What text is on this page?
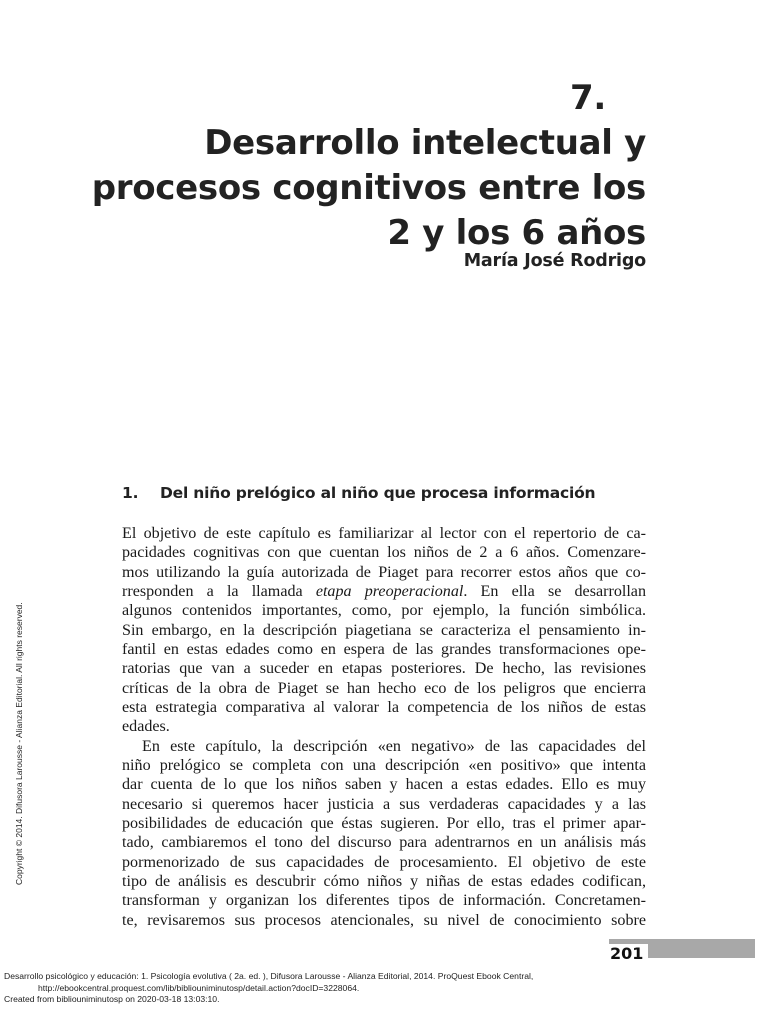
7.
Desarrollo intelectual y
procesos cognitivos entre los
2 y los 6 años

María José Rodrigo

1. Del niño prelógico al niño que procesa información
El objetivo de este capítulo es familiarizar al lector con el repertorio de ca-
pacidades cognitivas con que cuentan los niños de 2 a 6 años. Comenzare-
mos utilizando la guía autorizada de Piaget para recorrer estos años que co-
rresponden a la llamada etapa preoperacional. En ella se desarrollan
algunos contenidos importantes, como, por ejemplo, la función simbólica.
Sin embargo, en la descripción piagetiana se caracteriza el pensamiento in-
fantil en estas edades como en espera de las grandes transformaciones ope-
ratorias que van a suceder en etapas posteriores. De hecho, las revisiones
críticas de la obra de Piaget se han hecho eco de los peligros que encierra
esta estrategia comparativa al valorar la competencia de los niños de estas
edades.
En este capítulo, la descripción «en negativo» de las capacidades del
niño prelógico se completa con una descripción «en positivo» que intenta
dar cuenta de lo que los niños saben y hacen a estas edades. Ello es muy
necesario si queremos hacer justicia a sus verdaderas capacidades y a las
posibilidades de educación que éstas sugieren. Por ello, tras el primer apar-
tado, cambiaremos el tono del discurso para adentrarnos en un análisis más
pormenorizado de sus capacidades de procesamiento. El objetivo de este
tipo de análisis es descubrir cómo niños y niñas de estas edades codifican,
transforman y organizan los diferentes tipos de información. Concretamen-
te, revisaremos sus procesos atencionales, su nivel de conocimiento sobre
Copyright © 2014. Difusora Larousse - Alianza Editorial. All rights reserved.
201
Desarrollo psicológico y educación: 1. Psicología evolutiva ( 2a. ed. ), Difusora Larousse - Alianza Editorial, 2014. ProQuest Ebook Central,
http://ebookcentral.proquest.com/lib/bibliouniminutosp/detail.action?docID=3228064.
Created from bibliouniminutosp on 2020-03-18 13:03:10.
